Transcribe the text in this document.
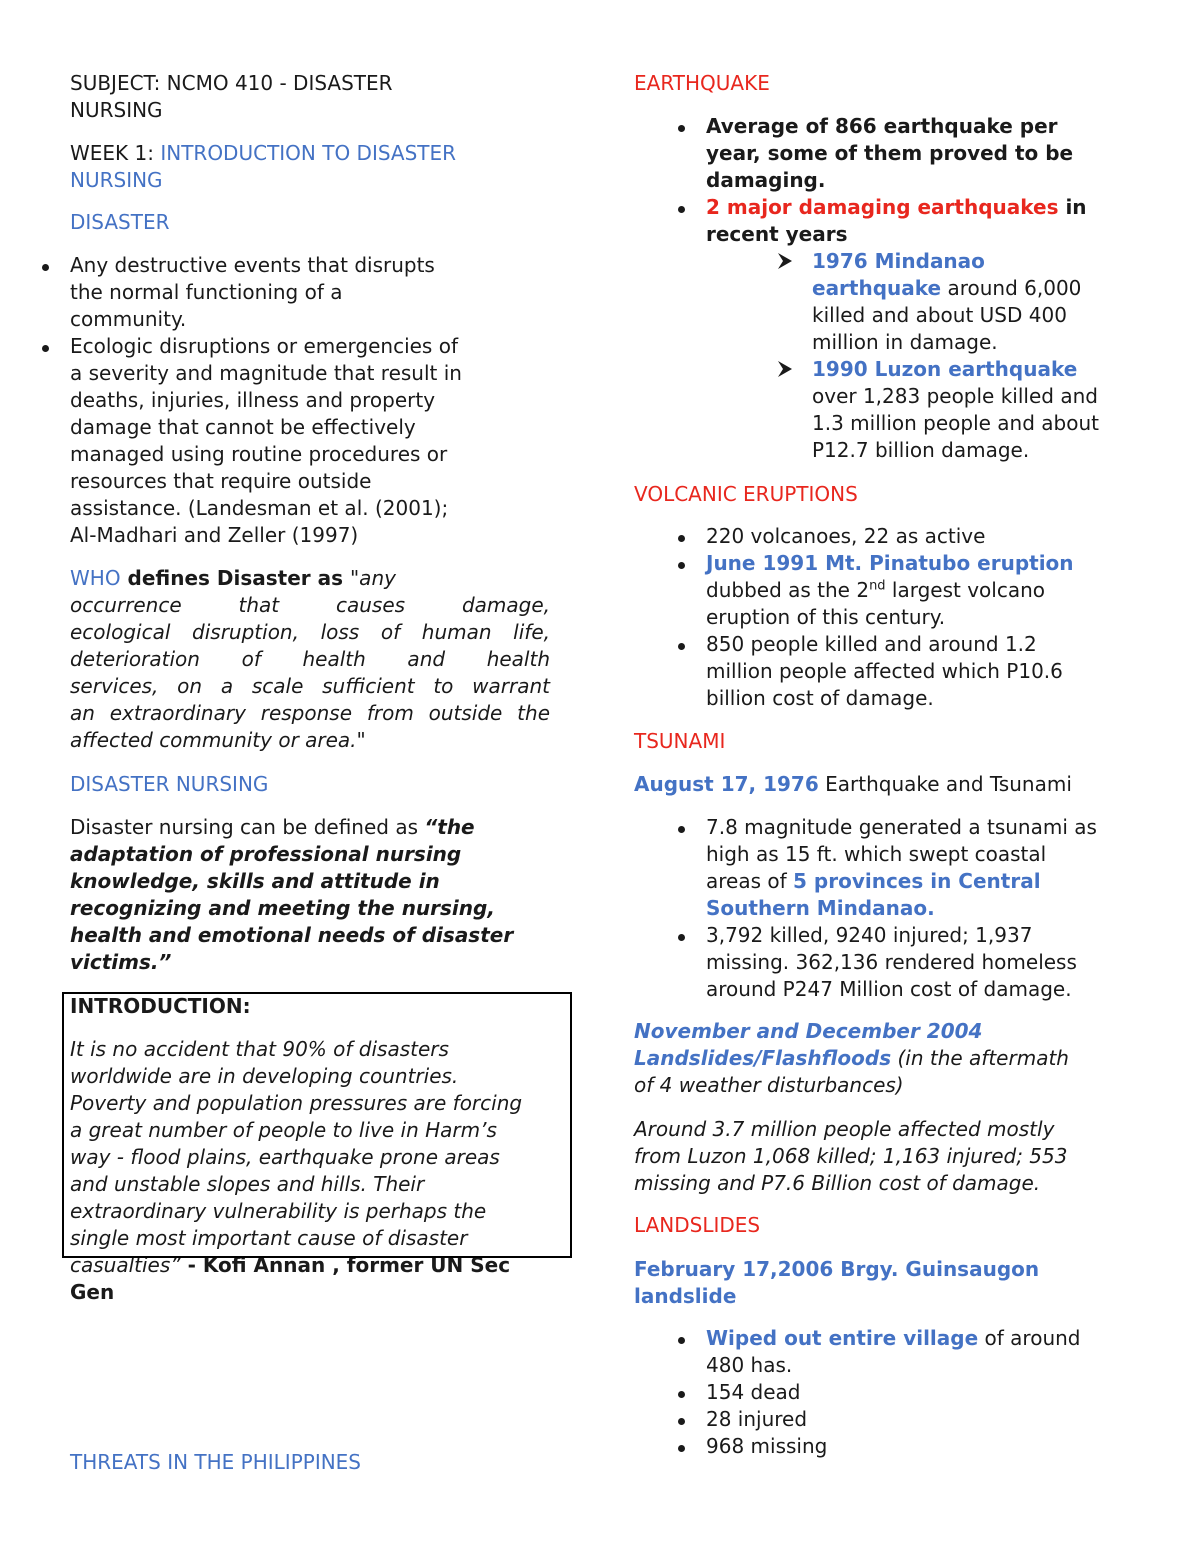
SUBJECT: NCMO 410 - DISASTER
NURSING
WEEK 1: INTRODUCTION TO DISASTER
NURSING
DISASTER
Any destructive events that disrupts
the normal functioning of a
community.
Ecologic disruptions or emergencies of
a severity and magnitude that result in
deaths, injuries, illness and property
damage that cannot be effectively
managed using routine procedures or
resources that require outside
assistance. (Landesman et al. (2001);
Al-Madhari and Zeller (1997)
WHO defines Disaster as "any
occurrence that causes damage,
ecological disruption, loss of human life,
deterioration of health and health
services, on a scale sufficient to warrant
an extraordinary response from outside the
affected community or area."
DISASTER NURSING
Disaster nursing can be defined as “the
adaptation of professional nursing
knowledge, skills and attitude in
recognizing and meeting the nursing,
health and emotional needs of disaster
victims.”
casualties” - Kofi Annan , former UN Sec
Gen
THREATS IN THE PHILIPPINES
INTRODUCTION:
It is no accident that 90% of disasters
worldwide are in developing countries.
Poverty and population pressures are forcing
a great number of people to live in Harm’s
way - flood plains, earthquake prone areas
and unstable slopes and hills. Their
extraordinary vulnerability is perhaps the
single most important cause of disaster
EARTHQUAKE
Average of 866 earthquake per
year, some of them proved to be
damaging.
2 major damaging earthquakes in
recent years
1976 Mindanao
earthquake around 6,000
killed and about USD 400
million in damage.
1990 Luzon earthquake
over 1,283 people killed and
1.3 million people and about
P12.7 billion damage.
VOLCANIC ERUPTIONS
220 volcanoes, 22 as active
June 1991 Mt. Pinatubo eruption
dubbed as the 2nd largest volcano
eruption of this century.
850 people killed and around 1.2
million people affected which P10.6
billion cost of damage.
TSUNAMI
August 17, 1976 Earthquake and Tsunami
7.8 magnitude generated a tsunami as
high as 15 ft. which swept coastal
areas of 5 provinces in Central
Southern Mindanao.
3,792 killed, 9240 injured; 1,937
missing. 362,136 rendered homeless
around P247 Million cost of damage.
November and December 2004
Landslides/Flashfloods (in the aftermath
of 4 weather disturbances)
Around 3.7 million people affected mostly
from Luzon 1,068 killed; 1,163 injured; 553
missing and P7.6 Billion cost of damage.
LANDSLIDES
February 17,2006 Brgy. Guinsaugon
landslide
Wiped out entire village of around
480 has.
154 dead
28 injured
968 missing
